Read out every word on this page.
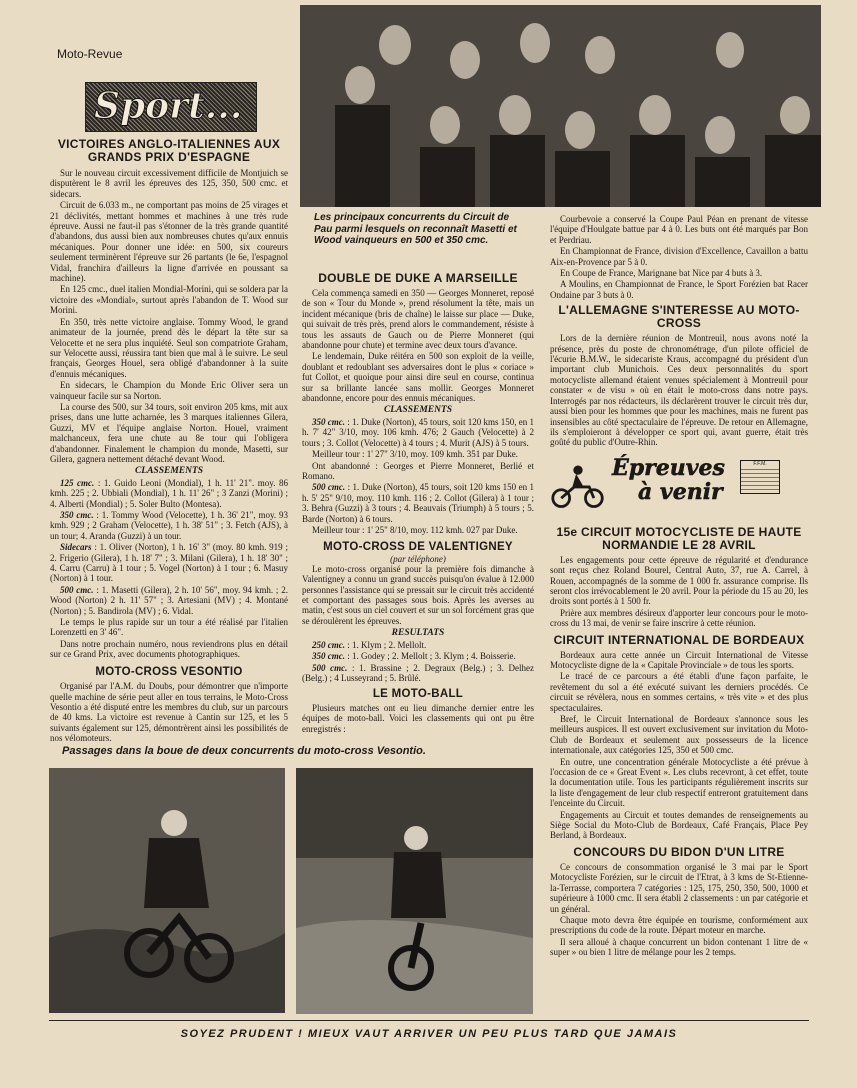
Moto-Revue
Sport...
Les principaux concurrents du Circuit de Pau parmi lesquels on reconnaît Masetti et Wood vainqueurs en 500 et 350 cmc.
VICTOIRES ANGLO-ITALIENNES AUX GRANDS PRIX D'ESPAGNE

Sur le nouveau circuit excessivement difficile de Montjuich se disputèrent le 8 avril les épreuves des 125, 350, 500 cmc. et sidecars.

Circuit de 6.033 m., ne comportant pas moins de 25 virages et 21 déclivités, mettant hommes et machines à une très rude épreuve. Aussi ne faut-il pas s'étonner de la très grande quantité d'abandons, dus aussi bien aux nombreuses chutes qu'aux ennuis mécaniques. Pour donner une idée: en 500, six coureurs seulement terminèrent l'épreuve sur 26 partants (le 6e, l'espagnol Vidal, franchira d'ailleurs la ligne d'arrivée en poussant sa machine).

En 125 cmc., duel italien Mondial-Morini, qui se soldera par la victoire des «Mondial», surtout après l'abandon de T. Wood sur Morini.

En 350, très nette victoire anglaise. Tommy Wood, le grand animateur de la journée, prend dès le départ la tête sur sa Velocette et ne sera plus inquiété. Seul son compatriote Graham, sur Velocette aussi, réussira tant bien que mal à le suivre. Le seul français, Georges Houel, sera obligé d'abandonner à la suite d'ennuis mécaniques.

En sidecars, le Champion du Monde Eric Oliver sera un vainqueur facile sur sa Norton.

La course des 500, sur 34 tours, soit environ 205 kms, mit aux prises, dans une lutte acharnée, les 3 marques italiennes Gilera, Guzzi, MV et l'équipe anglaise Norton. Houel, vraiment malchanceux, fera une chute au 8e tour qui l'obligera d'abandonner. Finalement le champion du monde, Masetti, sur Gilera, gagnera nettement détaché devant Wood.

CLASSEMENTS

125 cmc. : 1. Guido Leoni (Mondial), 1 h. 11' 21". moy. 86 kmh. 225 ; 2. Ubbiali (Mondial), 1 h. 11' 26" ; 3 Zanzi (Morini) ; 4. Alberti (Mondial) ; 5. Soler Bulto (Montesa).

350 cmc. : 1. Tommy Wood (Velocette), 1 h. 36' 21", moy. 93 kmh. 929 ; 2 Graham (Velocette), 1 h. 38' 51" ; 3. Fetch (AJS), à un tour; 4. Aranda (Guzzi) à un tour.

Sidecars : 1. Oliver (Norton), 1 h. 16' 3" (moy. 80 kmh. 919 ; 2. Frigerio (Gilera), 1 h. 18' 7" ; 3. Milani (Gilera), 1 h. 18' 30" ; 4. Carru (Carru) à 1 tour ; 5. Vogel (Norton) à 1 tour ; 6. Masuy (Norton) à 1 tour.

500 cmc. : 1. Masetti (Gilera), 2 h. 10' 56", moy. 94 kmh. ; 2. Wood (Norton) 2 h. 11' 57" ; 3. Artesiani (MV) ; 4. Montané (Norton) ; 5. Bandirola (MV) ; 6. Vidal.

Le temps le plus rapide sur un tour a été réalisé par l'italien Lorenzetti en 3' 46".

Dans notre prochain numéro, nous reviendrons plus en détail sur ce Grand Prix, avec documents photographiques.

MOTO-CROSS VESONTIO

Organisé par l'A.M. du Doubs, pour démontrer que n'importe quelle machine de série peut aller en tous terrains, le Moto-Cross Vesontio a été disputé entre les membres du club, sur un parcours de 40 kms. La victoire est revenue à Cantin sur 125, et les 5 suivants également sur 125, démontrèrent ainsi les possibilités de nos vélomoteurs.

DOUBLE DE DUKE A MARSEILLE

Cela commença samedi en 350 — Georges Monneret, reposé de son « Tour du Monde », prend résolument la tête, mais un incident mécanique (bris de chaîne) le laisse sur place — Duke, qui suivait de très près, prend alors le commandement, résiste à tous les assauts de Gauch ou de Pierre Monneret (qui abandonne pour chute) et termine avec deux tours d'avance.

Le lendemain, Duke réitéra en 500 son exploit de la veille, doublant et redoublant ses adversaires dont le plus « coriace » fut Collot, et quoique pour ainsi dire seul en course, continua sur sa brillante lancée sans mollir. Georges Monneret abandonne, encore pour des ennuis mécaniques.

CLASSEMENTS

350 cmc. : 1. Duke (Norton), 45 tours, soit 120 kms 150, en 1 h. 7' 42" 3/10, moy. 106 kmh. 476; 2 Gauch (Velocette) à 2 tours ; 3. Collot (Velocette) à 4 tours ; 4. Murit (AJS) à 5 tours.

Meilleur tour : 1' 27" 3/10, moy. 109 kmh. 351 par Duke.

Ont abandonné : Georges et Pierre Monneret, Berlié et Romano.

500 cmc. : 1. Duke (Norton), 45 tours, soit 120 kms 150 en 1 h. 5' 25" 9/10, moy. 110 kmh. 116 ; 2. Collot (Gilera) à 1 tour ; 3. Behra (Guzzi) à 3 tours ; 4. Beauvais (Triumph) à 5 tours ; 5. Barde (Norton) à 6 tours.

Meilleur tour : 1' 25" 8/10, moy. 112 kmh. 027 par Duke.

MOTO-CROSS DE VALENTIGNEY
(par téléphone)

Le moto-cross organisé pour la première fois dimanche à Valentigney a connu un grand succès puisqu'on évalue à 12.000 personnes l'assistance qui se pressait sur le circuit très accidenté et comportant des passages sous bois. Après les averses au matin, c'est sous un ciel couvert et sur un sol forcément gras que se déroulèrent les épreuves.

RESULTATS

250 cmc. : 1. Klym ; 2. Mellolt.

350 cmc. : 1. Godey ; 2. Mellolt ; 3. Klym ; 4. Boisserie.

500 cmc. : 1. Brassine ; 2. Degraux (Belg.) ; 3. Delhez (Belg.) ; 4 Lusseyrand ; 5. Brûlé.

LE MOTO-BALL

Plusieurs matches ont eu lieu dimanche dernier entre les équipes de moto-ball. Voici les classements qui ont pu être enregistrés :

Courbevoie a conservé la Coupe Paul Péan en prenant de vitesse l'équipe d'Houlgate battue par 4 à 0. Les buts ont été marqués par Bon et Perdriau.

En Championnat de France, division d'Excellence, Cavaillon a battu Aix-en-Provence par 5 à 0.

En Coupe de France, Marignane bat Nice par 4 buts à 3.

A Moulins, en Championnat de France, le Sport Forézien bat Racer Ondaine par 3 buts à 0.

L'ALLEMAGNE S'INTERESSE AU MOTO-CROSS

Lors de la dernière réunion de Montreuil, nous avons noté la présence, près du poste de chronométrage, d'un pilote officiel de l'écurie B.M.W., le sidecariste Kraus, accompagné du président d'un important club Munichois. Ces deux personnalités du sport motocycliste allemand étaient venues spécialement à Montreuil pour constater « de visu » où en était le moto-cross dans notre pays. Interrogés par nos rédacteurs, ils déclarèrent trouver le circuit très dur, aussi bien pour les hommes que pour les machines, mais ne furent pas insensibles au côté spectaculaire de l'épreuve. De retour en Allemagne, ils s'emploieront à développer ce sport qui, avant guerre, était très goûté du public d'Outre-Rhin.

Épreuves
à venir
F.F.M.
15e CIRCUIT MOTOCYCLISTE DE HAUTE NORMANDIE LE 28 AVRIL

Les engagements pour cette épreuve de régularité et d'endurance sont reçus chez Roland Bourel, Central Auto, 37, rue A. Carrel, à Rouen, accompagnés de la somme de 1 000 fr. assurance comprise. Ils seront clos irrévocablement le 20 avril. Pour la période du 15 au 20, les droits sont portés à 1 500 fr.

Prière aux membres désireux d'apporter leur concours pour le moto-cross du 13 mai, de venir se faire inscrire à cette réunion.

CIRCUIT INTERNATIONAL DE BORDEAUX

Bordeaux aura cette année un Circuit International de Vitesse Motocycliste digne de la « Capitale Provinciale » de tous les sports.

Le tracé de ce parcours a été établi d'une façon parfaite, le revêtement du sol a été exécuté suivant les derniers procédés. Ce circuit se révèlera, nous en sommes certains, « très vite » et des plus spectaculaires.

Bref, le Circuit International de Bordeaux s'annonce sous les meilleurs auspices. Il est ouvert exclusivement sur invitation du Moto-Club de Bordeaux et seulement aux possesseurs de la licence internationale, aux catégories 125, 350 et 500 cmc.

En outre, une concentration générale Motocycliste a été prévue à l'occasion de ce « Great Event ». Les clubs recevront, à cet effet, toute la documentation utile. Tous les participants régulièrement inscrits sur la liste d'engagement de leur club respectif entreront gratuitement dans l'enceinte du Circuit.

Engagements au Circuit et toutes demandes de renseignements au Siège Social du Moto-Club de Bordeaux, Café Français, Place Pey Berland, à Bordeaux.

CONCOURS DU BIDON D'UN LITRE

Ce concours de consommation organisé le 3 mai par le Sport Motocycliste Forézien, sur le circuit de l'Etrat, à 3 kms de St-Etienne-la-Terrasse, comportera 7 catégories : 125, 175, 250, 350, 500, 1000 et supérieure à 1000 cmc. Il sera établi 2 classements : un par catégorie et un général.

Chaque moto devra être équipée en tourisme, conformément aux prescriptions du code de la route. Départ moteur en marche.

Il sera alloué à chaque concurrent un bidon contenant 1 litre de « super » ou bien 1 litre de mélange pour les 2 temps.

Passages dans la boue de deux concurrents du moto-cross Vesontio.
SOYEZ PRUDENT ! MIEUX VAUT ARRIVER UN PEU PLUS TARD QUE JAMAIS
